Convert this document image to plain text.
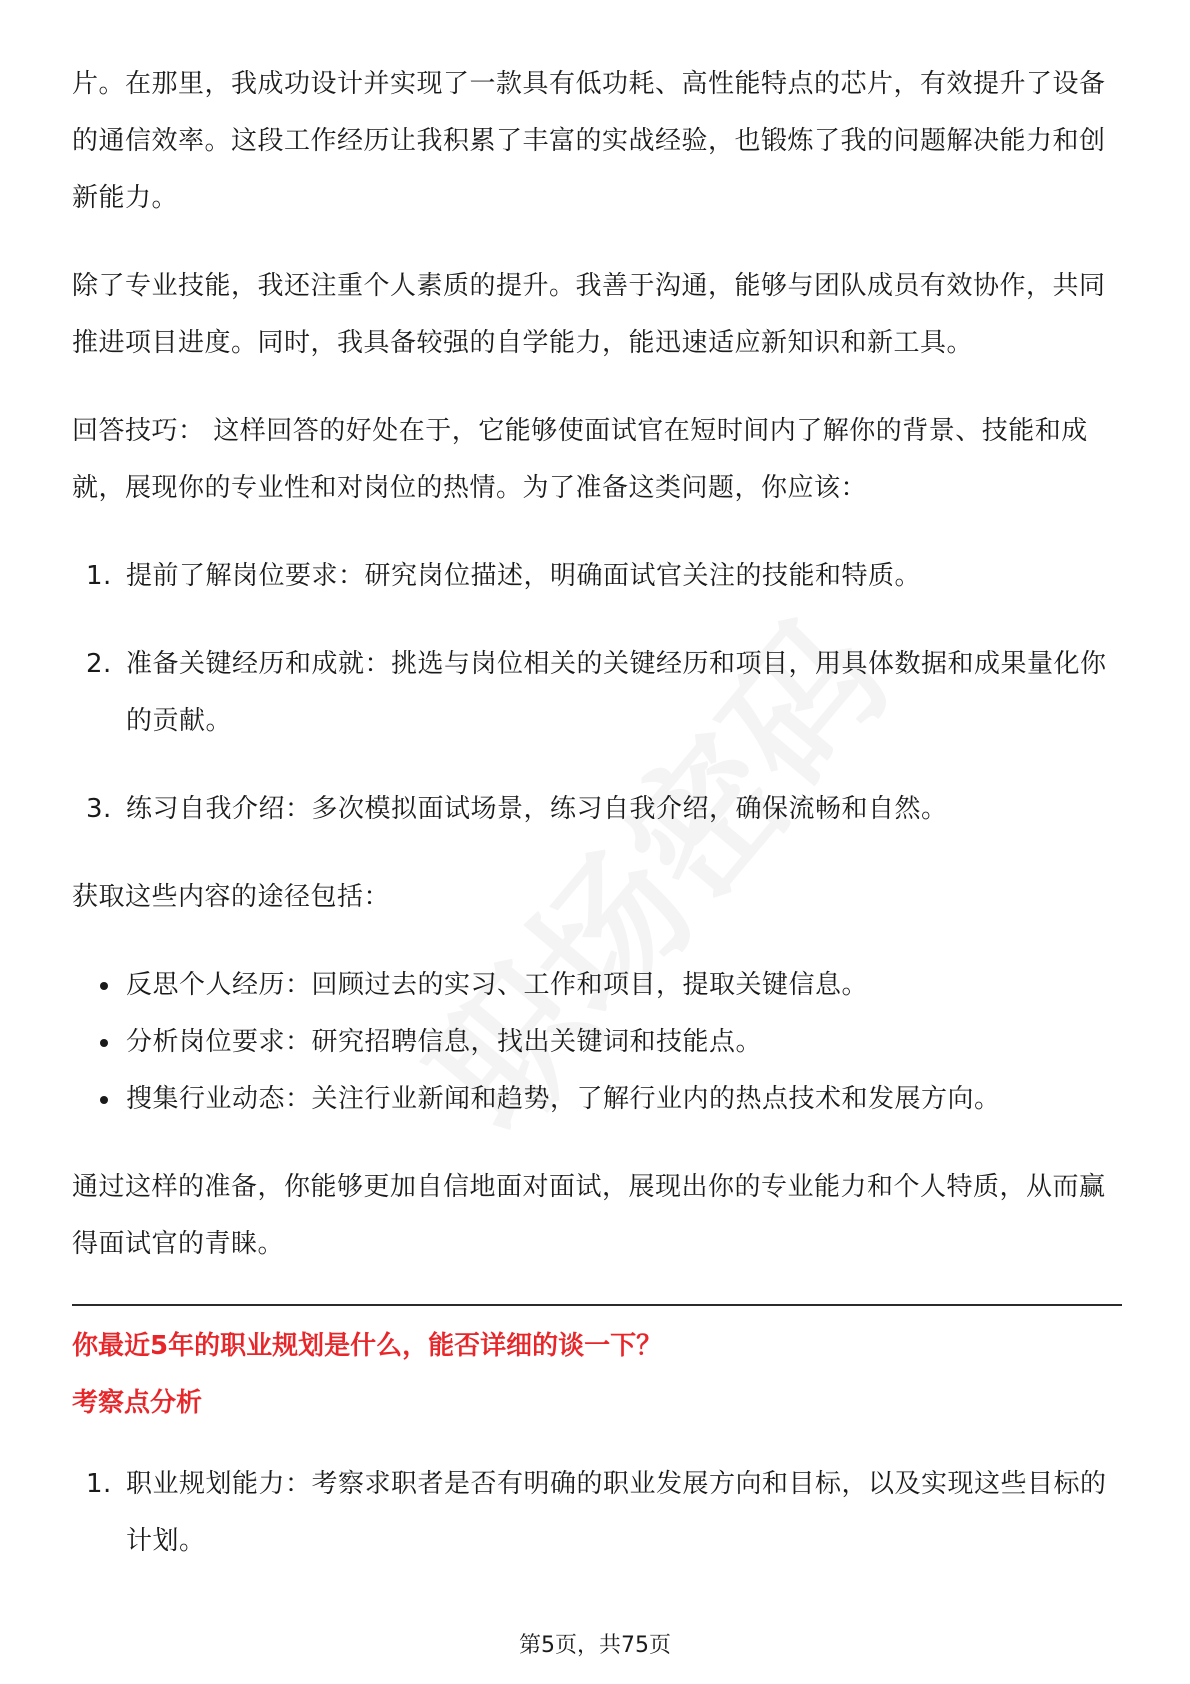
片。在那里，我成功设计并实现了一款具有低功耗、高性能特点的芯片，有效提升了设备的通信效率。这段工作经历让我积累了丰富的实战经验，也锻炼了我的问题解决能力和创新能力。

除了专业技能，我还注重个人素质的提升。我善于沟通，能够与团队成员有效协作，共同推进项目进度。同时，我具备较强的自学能力，能迅速适应新知识和新工具。

回答技巧： 这样回答的好处在于，它能够使面试官在短时间内了解你的背景、技能和成就，展现你的专业性和对岗位的热情。为了准备这类问题，你应该：

1. 提前了解岗位要求：研究岗位描述，明确面试官关注的技能和特质。
2. 准备关键经历和成就：挑选与岗位相关的关键经历和项目，用具体数据和成果量化你的贡献。
3. 练习自我介绍：多次模拟面试场景，练习自我介绍，确保流畅和自然。

获取这些内容的途径包括：

反思个人经历：回顾过去的实习、工作和项目，提取关键信息。
分析岗位要求：研究招聘信息，找出关键词和技能点。
搜集行业动态：关注行业新闻和趋势，了解行业内的热点技术和发展方向。

通过这样的准备，你能够更加自信地面对面试，展现出你的专业能力和个人特质，从而赢得面试官的青睐。

你最近5年的职业规划是什么，能否详细的谈一下？

考察点分析

1. 职业规划能力：考察求职者是否有明确的职业发展方向和目标，以及实现这些目标的计划。
第5页，共75页
